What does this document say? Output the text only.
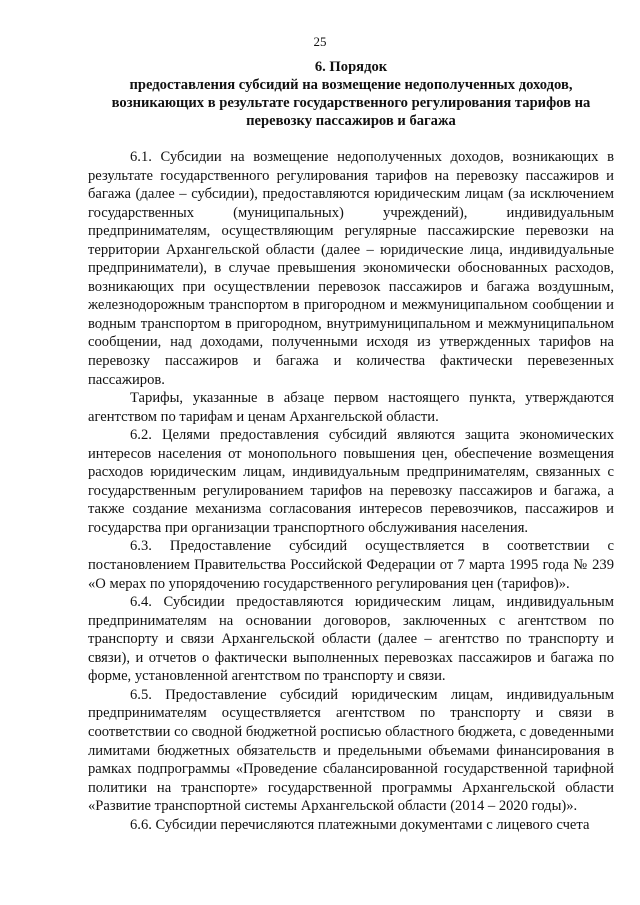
25
6. Порядок
предоставления субсидий на возмещение недополученных доходов,
возникающих в результате государственного регулирования тарифов на
перевозку пассажиров и багажа

6.1. Субсидии на возмещение недополученных доходов, возникающих в результате государственного регулирования тарифов на перевозку пассажиров и багажа (далее – субсидии), предоставляются юридическим лицам (за исключением государственных (муниципальных) учреждений), индивидуальным предпринимателям, осуществляющим регулярные пассажирские перевозки на территории Архангельской области (далее – юридические лица, индивидуальные предприниматели), в случае превышения экономически обоснованных расходов, возникающих при осуществлении перевозок пассажиров и багажа воздушным, железнодорожным транспортом в пригородном и межмуниципальном сообщении и водным транспортом в пригородном, внутримуниципальном и межмуниципальном сообщении, над доходами, полученными исходя из утвержденных тарифов на перевозку пассажиров и багажа и количества фактически перевезенных пассажиров.

Тарифы, указанные в абзаце первом настоящего пункта, утверждаются агентством по тарифам и ценам Архангельской области.

6.2. Целями предоставления субсидий являются защита экономических интересов населения от монопольного повышения цен, обеспечение возмещения расходов юридическим лицам, индивидуальным предпринимателям, связанных с государственным регулированием тарифов на перевозку пассажиров и багажа, а также создание механизма согласования интересов перевозчиков, пассажиров и государства при организации транспортного обслуживания населения.

6.3. Предоставление субсидий осуществляется в соответствии с постановлением Правительства Российской Федерации от 7 марта 1995 года № 239 «О мерах по упорядочению государственного регулирования цен (тарифов)».

6.4. Субсидии предоставляются юридическим лицам, индивидуальным предпринимателям на основании договоров, заключенных с агентством по транспорту и связи Архангельской области (далее – агентство по транспорту и связи), и отчетов о фактически выполненных перевозках пассажиров и багажа по форме, установленной агентством по транспорту и связи.

6.5. Предоставление субсидий юридическим лицам, индивидуальным предпринимателям осуществляется агентством по транспорту и связи в соответствии со сводной бюджетной росписью областного бюджета, с доведенными лимитами бюджетных обязательств и предельными объемами финансирования в рамках подпрограммы «Проведение сбалансированной государственной тарифной политики на транспорте» государственной программы Архангельской области «Развитие транспортной системы Архангельской области (2014 – 2020 годы)».

6.6. Субсидии перечисляются платежными документами с лицевого счета
